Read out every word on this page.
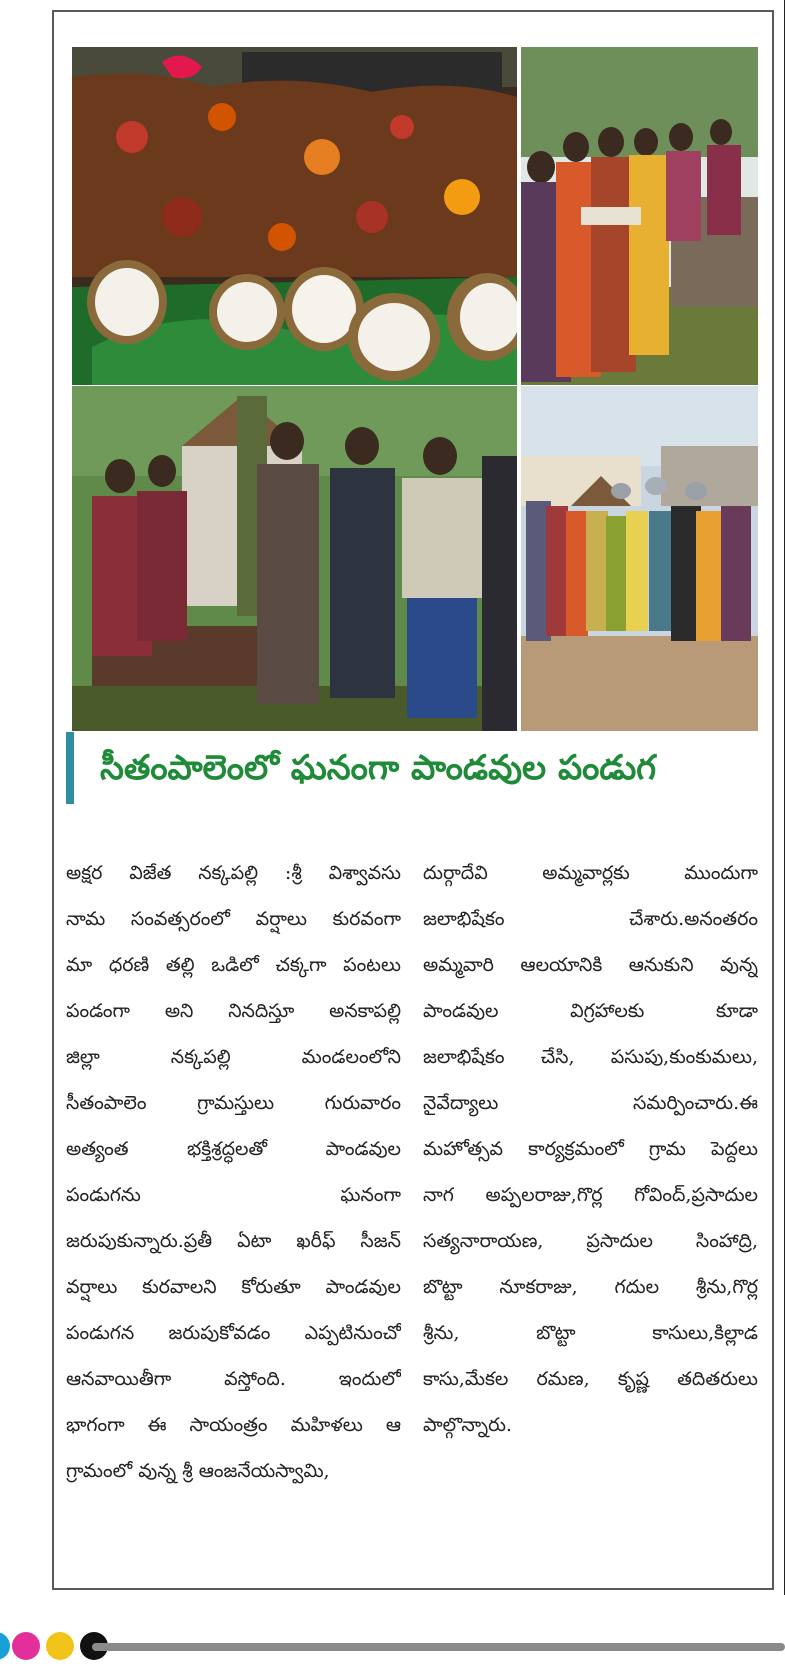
సీతంపాలెంలో ఘనంగా పాండవుల పండుగ
అక్షర విజేత నక్కపల్లి :శ్రీ విశ్వావసు
నామ సంవత్సరంలో వర్షాలు కురవంగా
మా ధరణి తల్లి ఒడిలో చక్కగా పంటలు
పండంగా అని నినదిస్తూ అనకాపల్లి
జిల్లా నక్కపల్లి మండలంలోని
సీతంపాలెం గ్రామస్తులు గురువారం
అత్యంత భక్తిశ్రద్ధలతో పాండవుల
పండుగను ఘనంగా
జరుపుకున్నారు.ప్రతీ ఏటా ఖరీఫ్ సీజన్
వర్షాలు కురవాలని కోరుతూ పాండవుల
పండుగన జరుపుకోవడం ఎప్పటినుంచో
ఆనవాయితీగా వస్తోంది. ఇందులో
భాగంగా ఈ సాయంత్రం మహిళలు ఆ
గ్రామంలో వున్న శ్రీ ఆంజనేయస్వామి,
దుర్గాదేవి అమ్మవార్లకు ముందుగా
జలాభిషేకం చేశారు.అనంతరం
అమ్మవారి ఆలయానికి ఆనుకుని వున్న
పాండవుల విగ్రహాలకు కూడా
జలాభిషేకం చేసి, పసుపు,కుంకుమలు,
నైవేద్యాలు సమర్పించారు.ఈ
మహోత్సవ కార్యక్రమంలో గ్రామ పెద్దలు
నాగ అప్పలరాజు,గొర్ల గోవింద్,ప్రసాదుల
సత్యనారాయణ, ప్రసాదుల సింహాద్రి,
బొట్టా నూకరాజు, గదుల శ్రీను,గొర్ల
శ్రీను, బొట్టా కాసులు,కిల్లాడ
కాసు,మేకల రమణ, కృష్ణ తదితరులు
పాల్గొన్నారు.
